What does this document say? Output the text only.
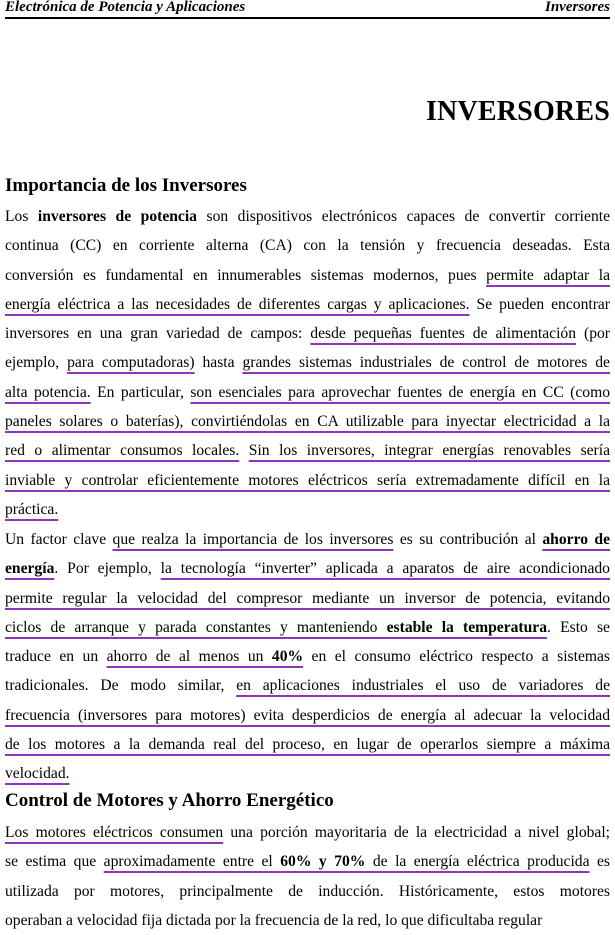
Electrónica de Potencia y Aplicaciones	Inversores
INVERSORES
Importancia de los Inversores
Los inversores de potencia son dispositivos electrónicos capaces de convertir corriente
continua (CC) en corriente alterna (CA) con la tensión y frecuencia deseadas. Esta
conversión es fundamental en innumerables sistemas modernos, pues permite adaptar la
energía eléctrica a las necesidades de diferentes cargas y aplicaciones. Se pueden encontrar
inversores en una gran variedad de campos: desde pequeñas fuentes de alimentación (por
ejemplo, para computadoras) hasta grandes sistemas industriales de control de motores de
alta potencia. En particular, son esenciales para aprovechar fuentes de energía en CC (como
paneles solares o baterías), convirtiéndolas en CA utilizable para inyectar electricidad a la
red o alimentar consumos locales. Sin los inversores, integrar energías renovables sería
inviable y controlar eficientemente motores eléctricos sería extremadamente difícil en la
práctica.
Un factor clave que realza la importancia de los inversores es su contribución al ahorro de
energía. Por ejemplo, la tecnología “inverter” aplicada a aparatos de aire acondicionado
permite regular la velocidad del compresor mediante un inversor de potencia, evitando
ciclos de arranque y parada constantes y manteniendo estable la temperatura. Esto se
traduce en un ahorro de al menos un 40% en el consumo eléctrico respecto a sistemas
tradicionales. De modo similar, en aplicaciones industriales el uso de variadores de
frecuencia (inversores para motores) evita desperdicios de energía al adecuar la velocidad
de los motores a la demanda real del proceso, en lugar de operarlos siempre a máxima
velocidad.
Control de Motores y Ahorro Energético
Los motores eléctricos consumen una porción mayoritaria de la electricidad a nivel global;
se estima que aproximadamente entre el 60% y 70% de la energía eléctrica producida es
utilizada por motores, principalmente de inducción. Históricamente, estos motores
operaban a velocidad fija dictada por la frecuencia de la red, lo que dificultaba regular
